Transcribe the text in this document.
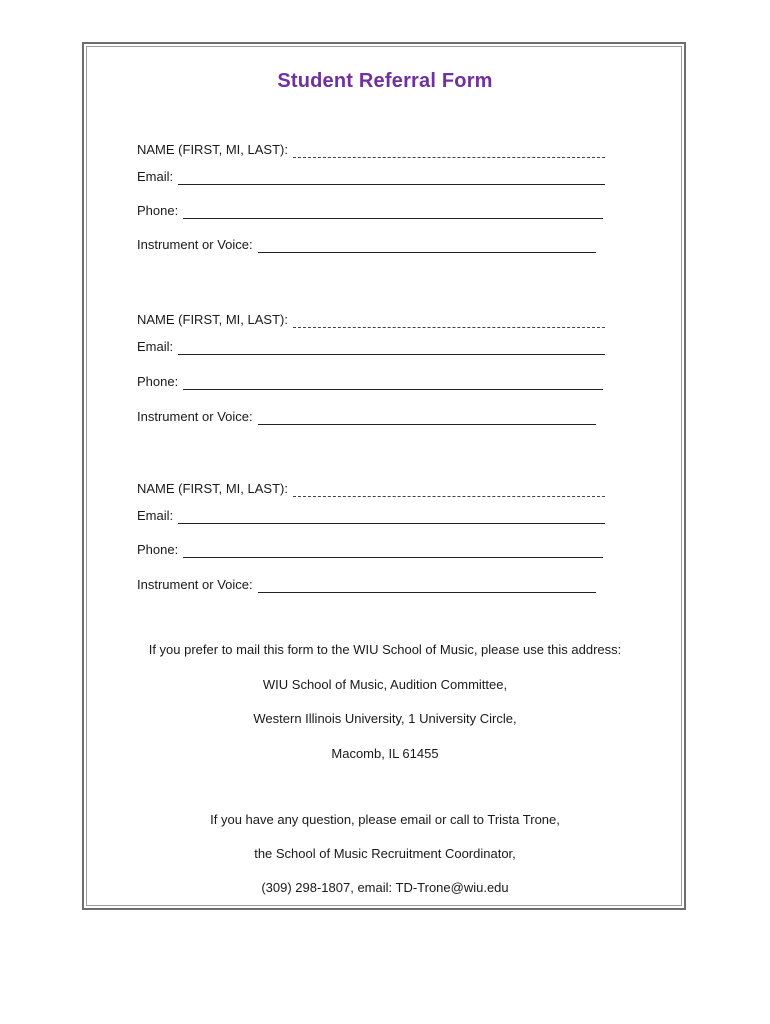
Student Referral Form
NAME (FIRST, MI, LAST):
Email:
Phone:
Instrument or Voice:
NAME (FIRST, MI, LAST):
Email:
Phone:
Instrument or Voice:
NAME (FIRST, MI, LAST):
Email:
Phone:
Instrument or Voice:
If you prefer to mail this form to the WIU School of Music, please use this address:
WIU School of Music, Audition Committee,
Western Illinois University, 1 University Circle,
Macomb, IL 61455
If you have any question, please email or call to Trista Trone,
the School of Music Recruitment Coordinator,
(309) 298-1807, email: TD-Trone@wiu.edu
